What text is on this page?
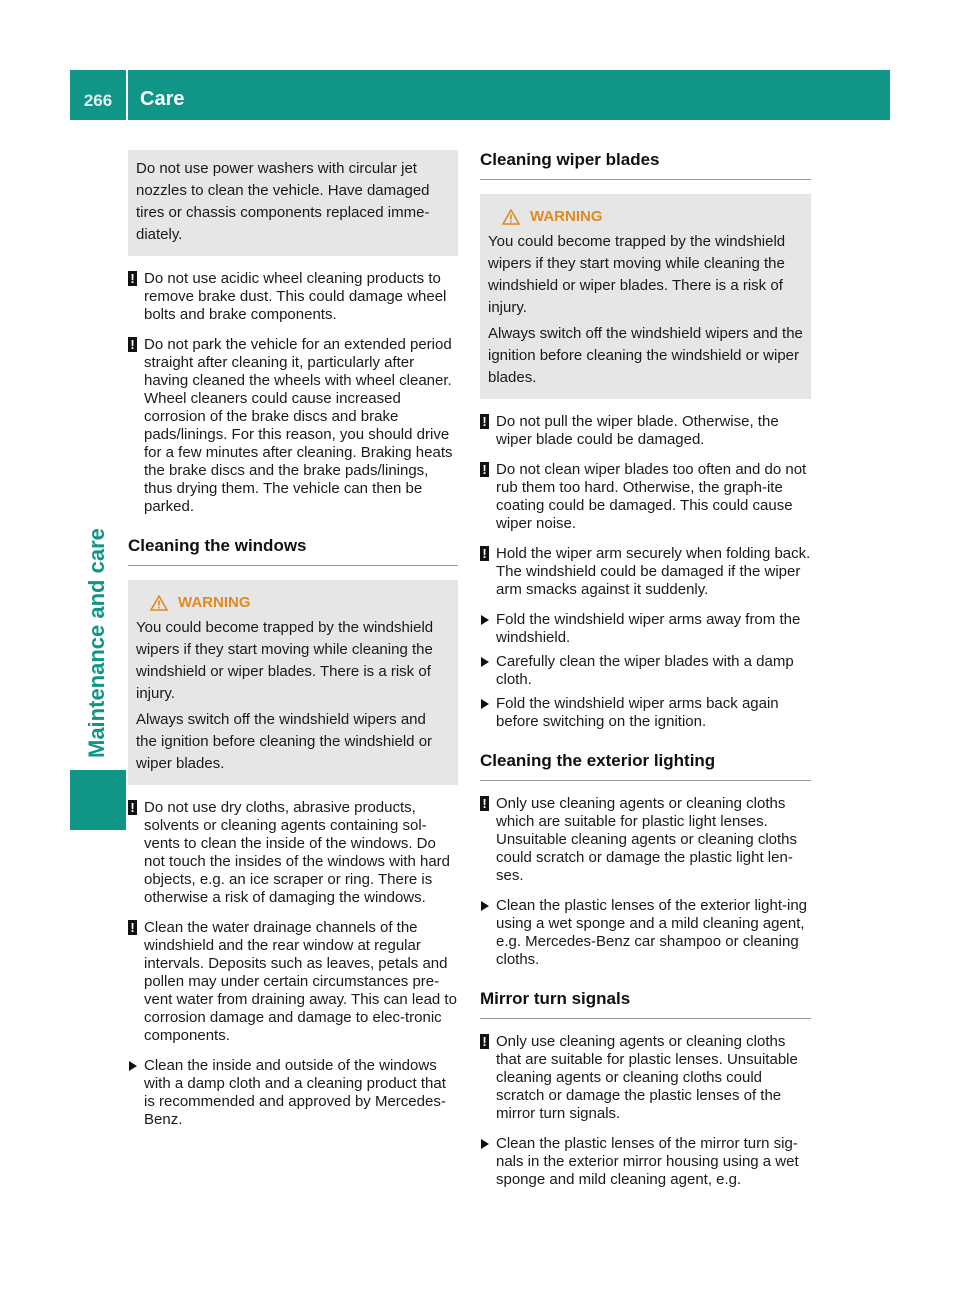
266	Care
Maintenance and care

Do not use power washers with circular jet nozzles to clean the vehicle. Have damaged tires or chassis components replaced imme-diately.

! Do not use acidic wheel cleaning products to remove brake dust. This could damage wheel bolts and brake components.
! Do not park the vehicle for an extended period straight after cleaning it, particularly after having cleaned the wheels with wheel cleaner. Wheel cleaners could cause increased corrosion of the brake discs and brake pads/linings. For this reason, you should drive for a few minutes after cleaning. Braking heats the brake discs and the brake pads/linings, thus drying them. The vehicle can then be parked.
Cleaning the windows
WARNING

You could become trapped by the windshield wipers if they start moving while cleaning the windshield or wiper blades. There is a risk of injury.

Always switch off the windshield wipers and the ignition before cleaning the windshield or wiper blades.

! Do not use dry cloths, abrasive products, solvents or cleaning agents containing sol-vents to clean the inside of the windows. Do not touch the insides of the windows with hard objects, e.g. an ice scraper or ring. There is otherwise a risk of damaging the windows.
! Clean the water drainage channels of the windshield and the rear window at regular intervals. Deposits such as leaves, petals and pollen may under certain circumstances pre-vent water from draining away. This can lead to corrosion damage and damage to elec-tronic components.
Clean the inside and outside of the windows with a damp cloth and a cleaning product that is recommended and approved by Mercedes-Benz.
Cleaning wiper blades
WARNING

You could become trapped by the windshield wipers if they start moving while cleaning the windshield or wiper blades. There is a risk of injury.

Always switch off the windshield wipers and the ignition before cleaning the windshield or wiper blades.

! Do not pull the wiper blade. Otherwise, the wiper blade could be damaged.
! Do not clean wiper blades too often and do not rub them too hard. Otherwise, the graph-ite coating could be damaged. This could cause wiper noise.
! Hold the wiper arm securely when folding back. The windshield could be damaged if the wiper arm smacks against it suddenly.
Fold the windshield wiper arms away from the windshield.
Carefully clean the wiper blades with a damp cloth.
Fold the windshield wiper arms back again before switching on the ignition.
Cleaning the exterior lighting
! Only use cleaning agents or cleaning cloths which are suitable for plastic light lenses. Unsuitable cleaning agents or cleaning cloths could scratch or damage the plastic light len-ses.
Clean the plastic lenses of the exterior light-ing using a wet sponge and a mild cleaning agent, e.g. Mercedes-Benz car shampoo or cleaning cloths.
Mirror turn signals
! Only use cleaning agents or cleaning cloths that are suitable for plastic lenses. Unsuitable cleaning agents or cleaning cloths could scratch or damage the plastic lenses of the mirror turn signals.
Clean the plastic lenses of the mirror turn sig-nals in the exterior mirror housing using a wet sponge and mild cleaning agent, e.g.
